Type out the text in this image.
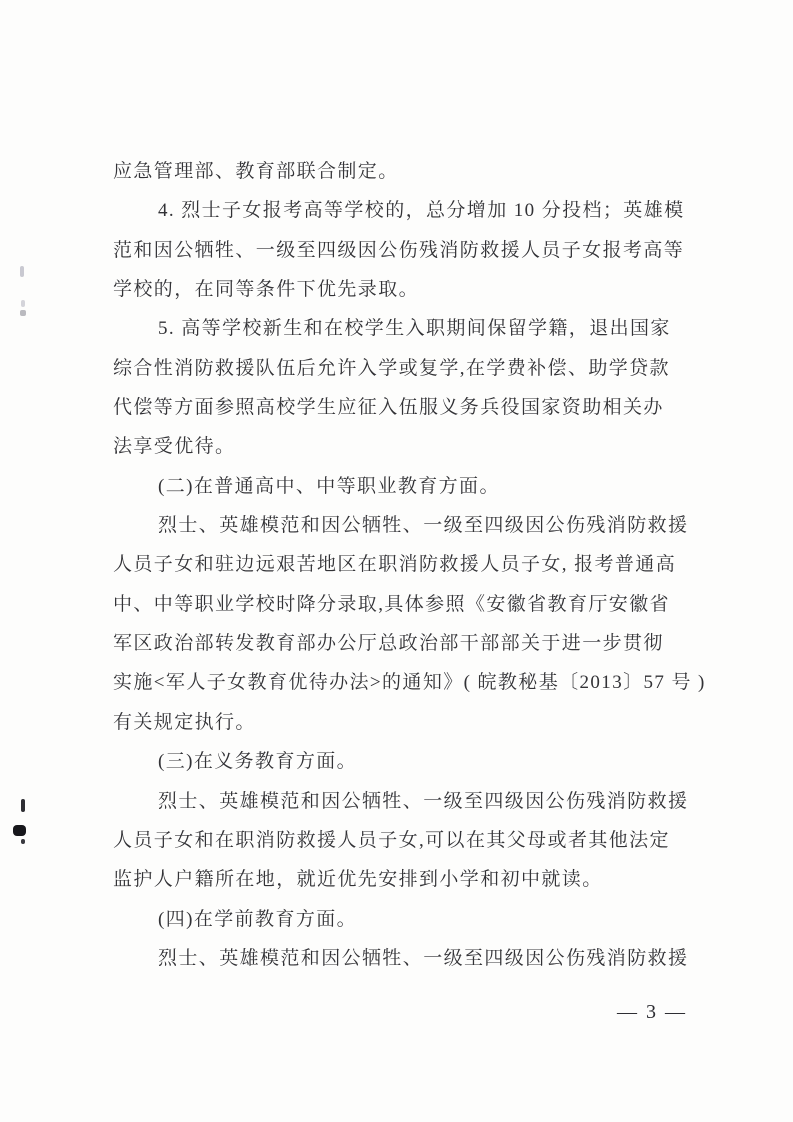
应急管理部、教育部联合制定。
4. 烈士子女报考高等学校的，总分增加 10 分投档；英雄模
范和因公牺牲、一级至四级因公伤残消防救援人员子女报考高等
学校的，在同等条件下优先录取。
5. 高等学校新生和在校学生入职期间保留学籍，退出国家
综合性消防救援队伍后允许入学或复学,在学费补偿、助学贷款
代偿等方面参照高校学生应征入伍服义务兵役国家资助相关办
法享受优待。
(二)在普通高中、中等职业教育方面。
烈士、英雄模范和因公牺牲、一级至四级因公伤残消防救援
人员子女和驻边远艰苦地区在职消防救援人员子女, 报考普通高
中、中等职业学校时降分录取,具体参照《安徽省教育厅安徽省
军区政治部转发教育部办公厅总政治部干部部关于进一步贯彻
实施<军人子女教育优待办法>的通知》( 皖教秘基〔2013〕57 号 )
有关规定执行。
(三)在义务教育方面。
烈士、英雄模范和因公牺牲、一级至四级因公伤残消防救援
人员子女和在职消防救援人员子女,可以在其父母或者其他法定
监护人户籍所在地，就近优先安排到小学和初中就读。
(四)在学前教育方面。
烈士、英雄模范和因公牺牲、一级至四级因公伤残消防救援
— 3 —
